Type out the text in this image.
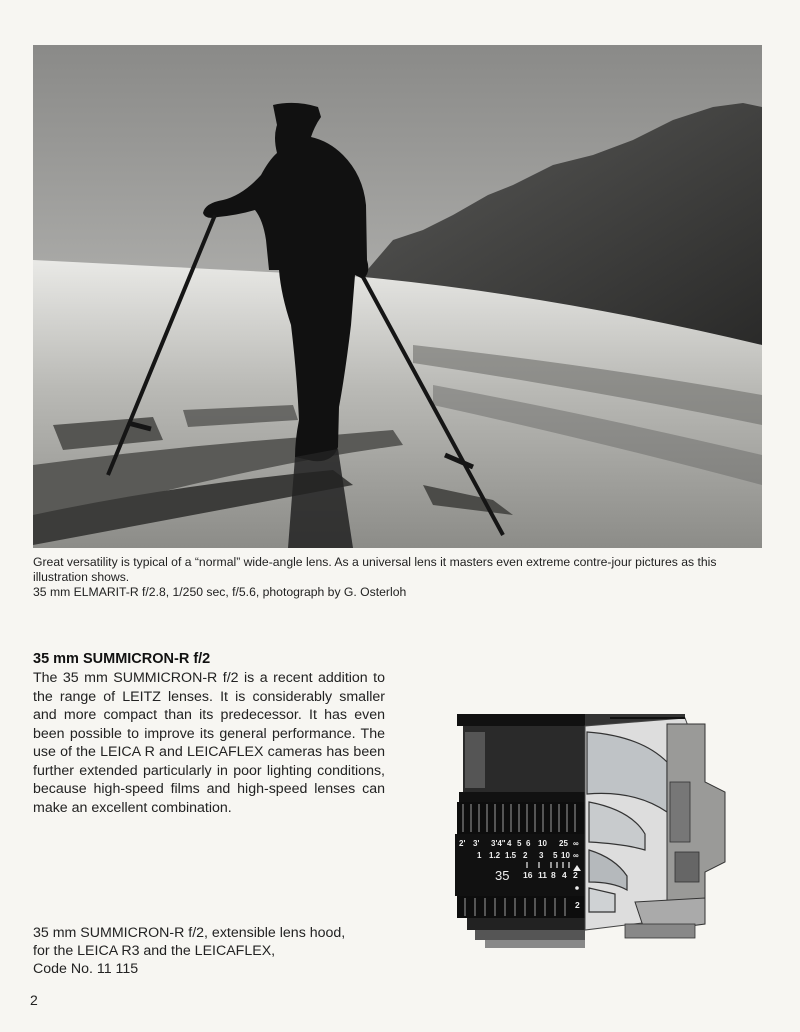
Great versatility is typical of a “normal” wide-angle lens. As a universal lens it masters even extreme contre-jour pictures as this illustration shows.

35 mm ELMARIT-R f/2.8, 1/250 sec, f/5.6, photograph by G. Osterloh

35 mm SUMMICRON-R f/2
The 35 mm SUMMICRON-R f/2 is a recent addition to the range of LEITZ lenses. It is considerably smaller and more compact than its predecessor. It has even been possible to improve its general performance. The use of the LEICA R and LEICAFLEX cameras has been further extended particularly in poor lighting conditions, because high-speed films and high-speed lenses can make an excellent combination.
2' 3' 3'4" 4 5 6 10 25 ∞
1 1.2 1.5 2 3 5 10 ∞
35 16 11 8 4 2
2
35 mm SUMMICRON-R f/2, extensible lens hood,
for the LEICA R3 and the LEICAFLEX,
Code No. 11 115
2
